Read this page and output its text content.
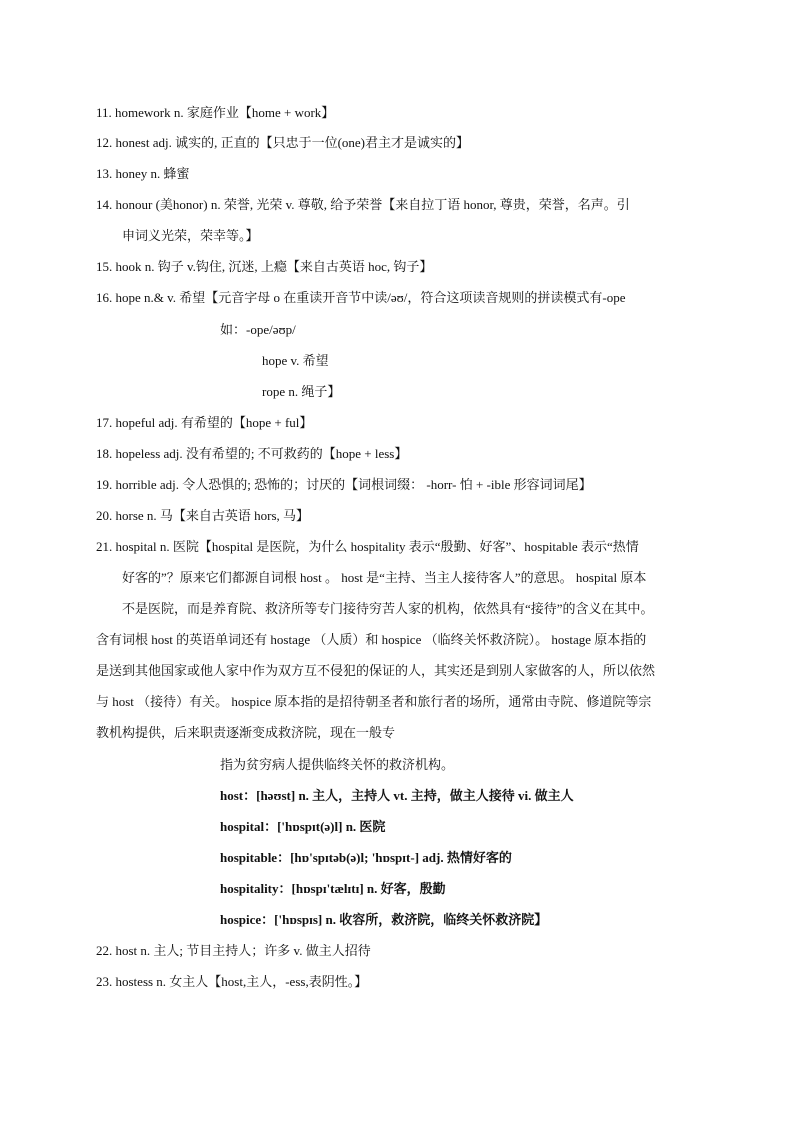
11. homework n. 家庭作业【home + work】
12. honest adj. 诚实的, 正直的【只忠于一位(one)君主才是诚实的】
13. honey n. 蜂蜜
14. honour (美honor) n. 荣誉, 光荣 v. 尊敬, 给予荣誉【来自拉丁语 honor, 尊贵，荣誉，名声。引
申词义光荣，荣幸等。】
15. hook n. 钩子 v.钩住, 沉迷, 上瘾【来自古英语 hoc, 钩子】
16. hope n.& v. 希望【元音字母 o 在重读开音节中读/əʊ/，符合这项读音规则的拼读模式有-ope
如：-ope/əʊp/
hope v. 希望
rope n. 绳子】
17. hopeful adj. 有希望的【hope + ful】
18. hopeless adj. 没有希望的; 不可救药的【hope + less】
19. horrible adj. 令人恐惧的; 恐怖的；讨厌的【词根词缀： -horr- 怕 + -ible 形容词词尾】
20. horse n. 马【来自古英语 hors, 马】
21. hospital n. 医院【hospital 是医院，为什么 hospitality 表示“殷勤、好客”、hospitable 表示“热情
好客的”？原来它们都源自词根 host 。 host 是“主持、当主人接待客人”的意思。 hospital 原本
不是医院，而是养育院、救济所等专门接待穷苦人家的机构，依然具有“接待”的含义在其中。
含有词根 host 的英语单词还有 hostage （人质）和 hospice （临终关怀救济院）。 hostage 原本指的
是送到其他国家或他人家中作为双方互不侵犯的保证的人，其实还是到别人家做客的人，所以依然
与 host （接待）有关。 hospice 原本指的是招待朝圣者和旅行者的场所，通常由寺院、修道院等宗
教机构提供，后来职责逐渐变成救济院，现在一般专
指为贫穷病人提供临终关怀的救济机构。
host：[həʊst] n. 主人，主持人 vt. 主持，做主人接待 vi. 做主人
hospital：['hɒspɪt(ə)l] n. 医院
hospitable：[hɒ'spɪtəb(ə)l; 'hɒspɪt-] adj. 热情好客的
hospitality：[hɒspɪ'tælɪtɪ] n. 好客，殷勤
hospice：['hɒspɪs] n. 收容所，救济院，临终关怀救济院】
22. host n. 主人; 节目主持人；许多 v. 做主人招待
23. hostess n. 女主人【host,主人，-ess,表阴性。】
